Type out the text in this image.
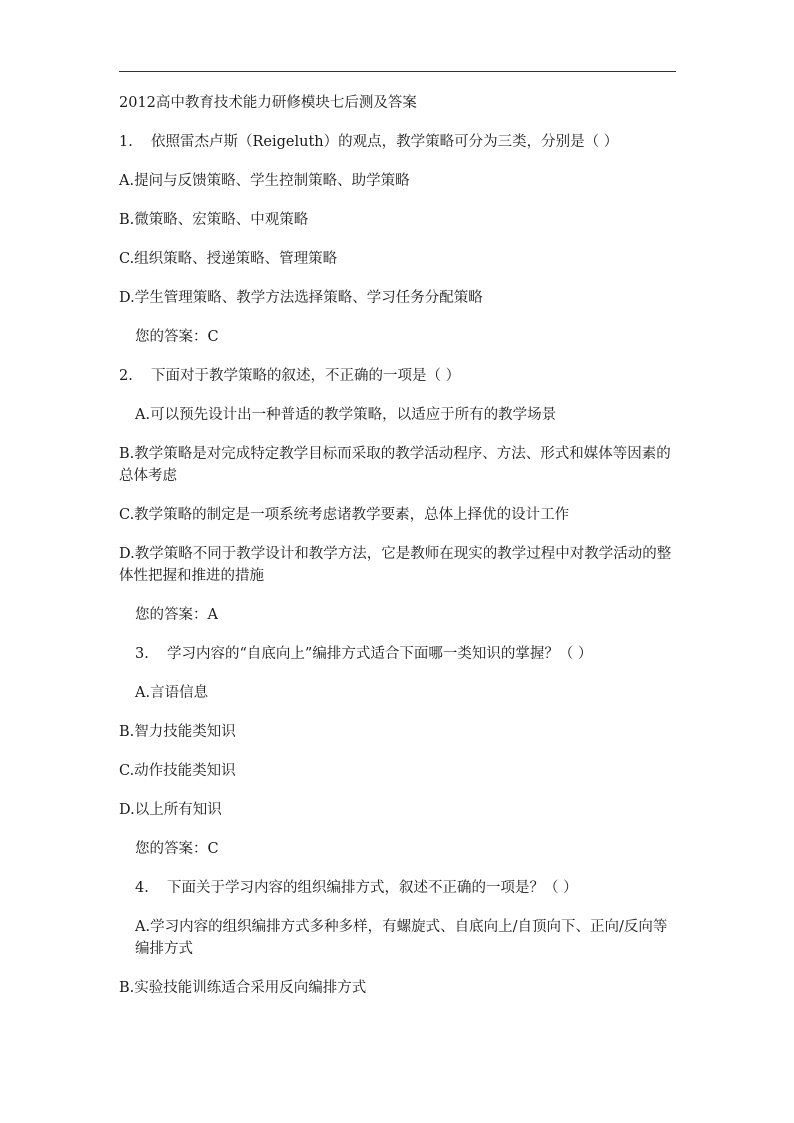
2012高中教育技术能力研修模块七后测及答案

1. 依照雷杰卢斯（Reigeluth）的观点，教学策略可分为三类，分别是（ ）

A.提问与反馈策略、学生控制策略、助学策略

B.微策略、宏策略、中观策略

C.组织策略、授递策略、管理策略

D.学生管理策略、教学方法选择策略、学习任务分配策略

您的答案：C

2. 下面对于教学策略的叙述，不正确的一项是（ ）

A.可以预先设计出一种普适的教学策略，以适应于所有的教学场景

B.教学策略是对完成特定教学目标而采取的教学活动程序、方法、形式和媒体等因素的总体考虑

C.教学策略的制定是一项系统考虑诸教学要素，总体上择优的设计工作

D.教学策略不同于教学设计和教学方法，它是教师在现实的教学过程中对教学活动的整体性把握和推进的措施

您的答案：A

3. 学习内容的“自底向上”编排方式适合下面哪一类知识的掌握？（ ）

A.言语信息

B.智力技能类知识

C.动作技能类知识

D.以上所有知识

您的答案：C

4. 下面关于学习内容的组织编排方式，叙述不正确的一项是？（ ）

A.学习内容的组织编排方式多种多样，有螺旋式、自底向上/自顶向下、正向/反向等编排方式

B.实验技能训练适合采用反向编排方式
